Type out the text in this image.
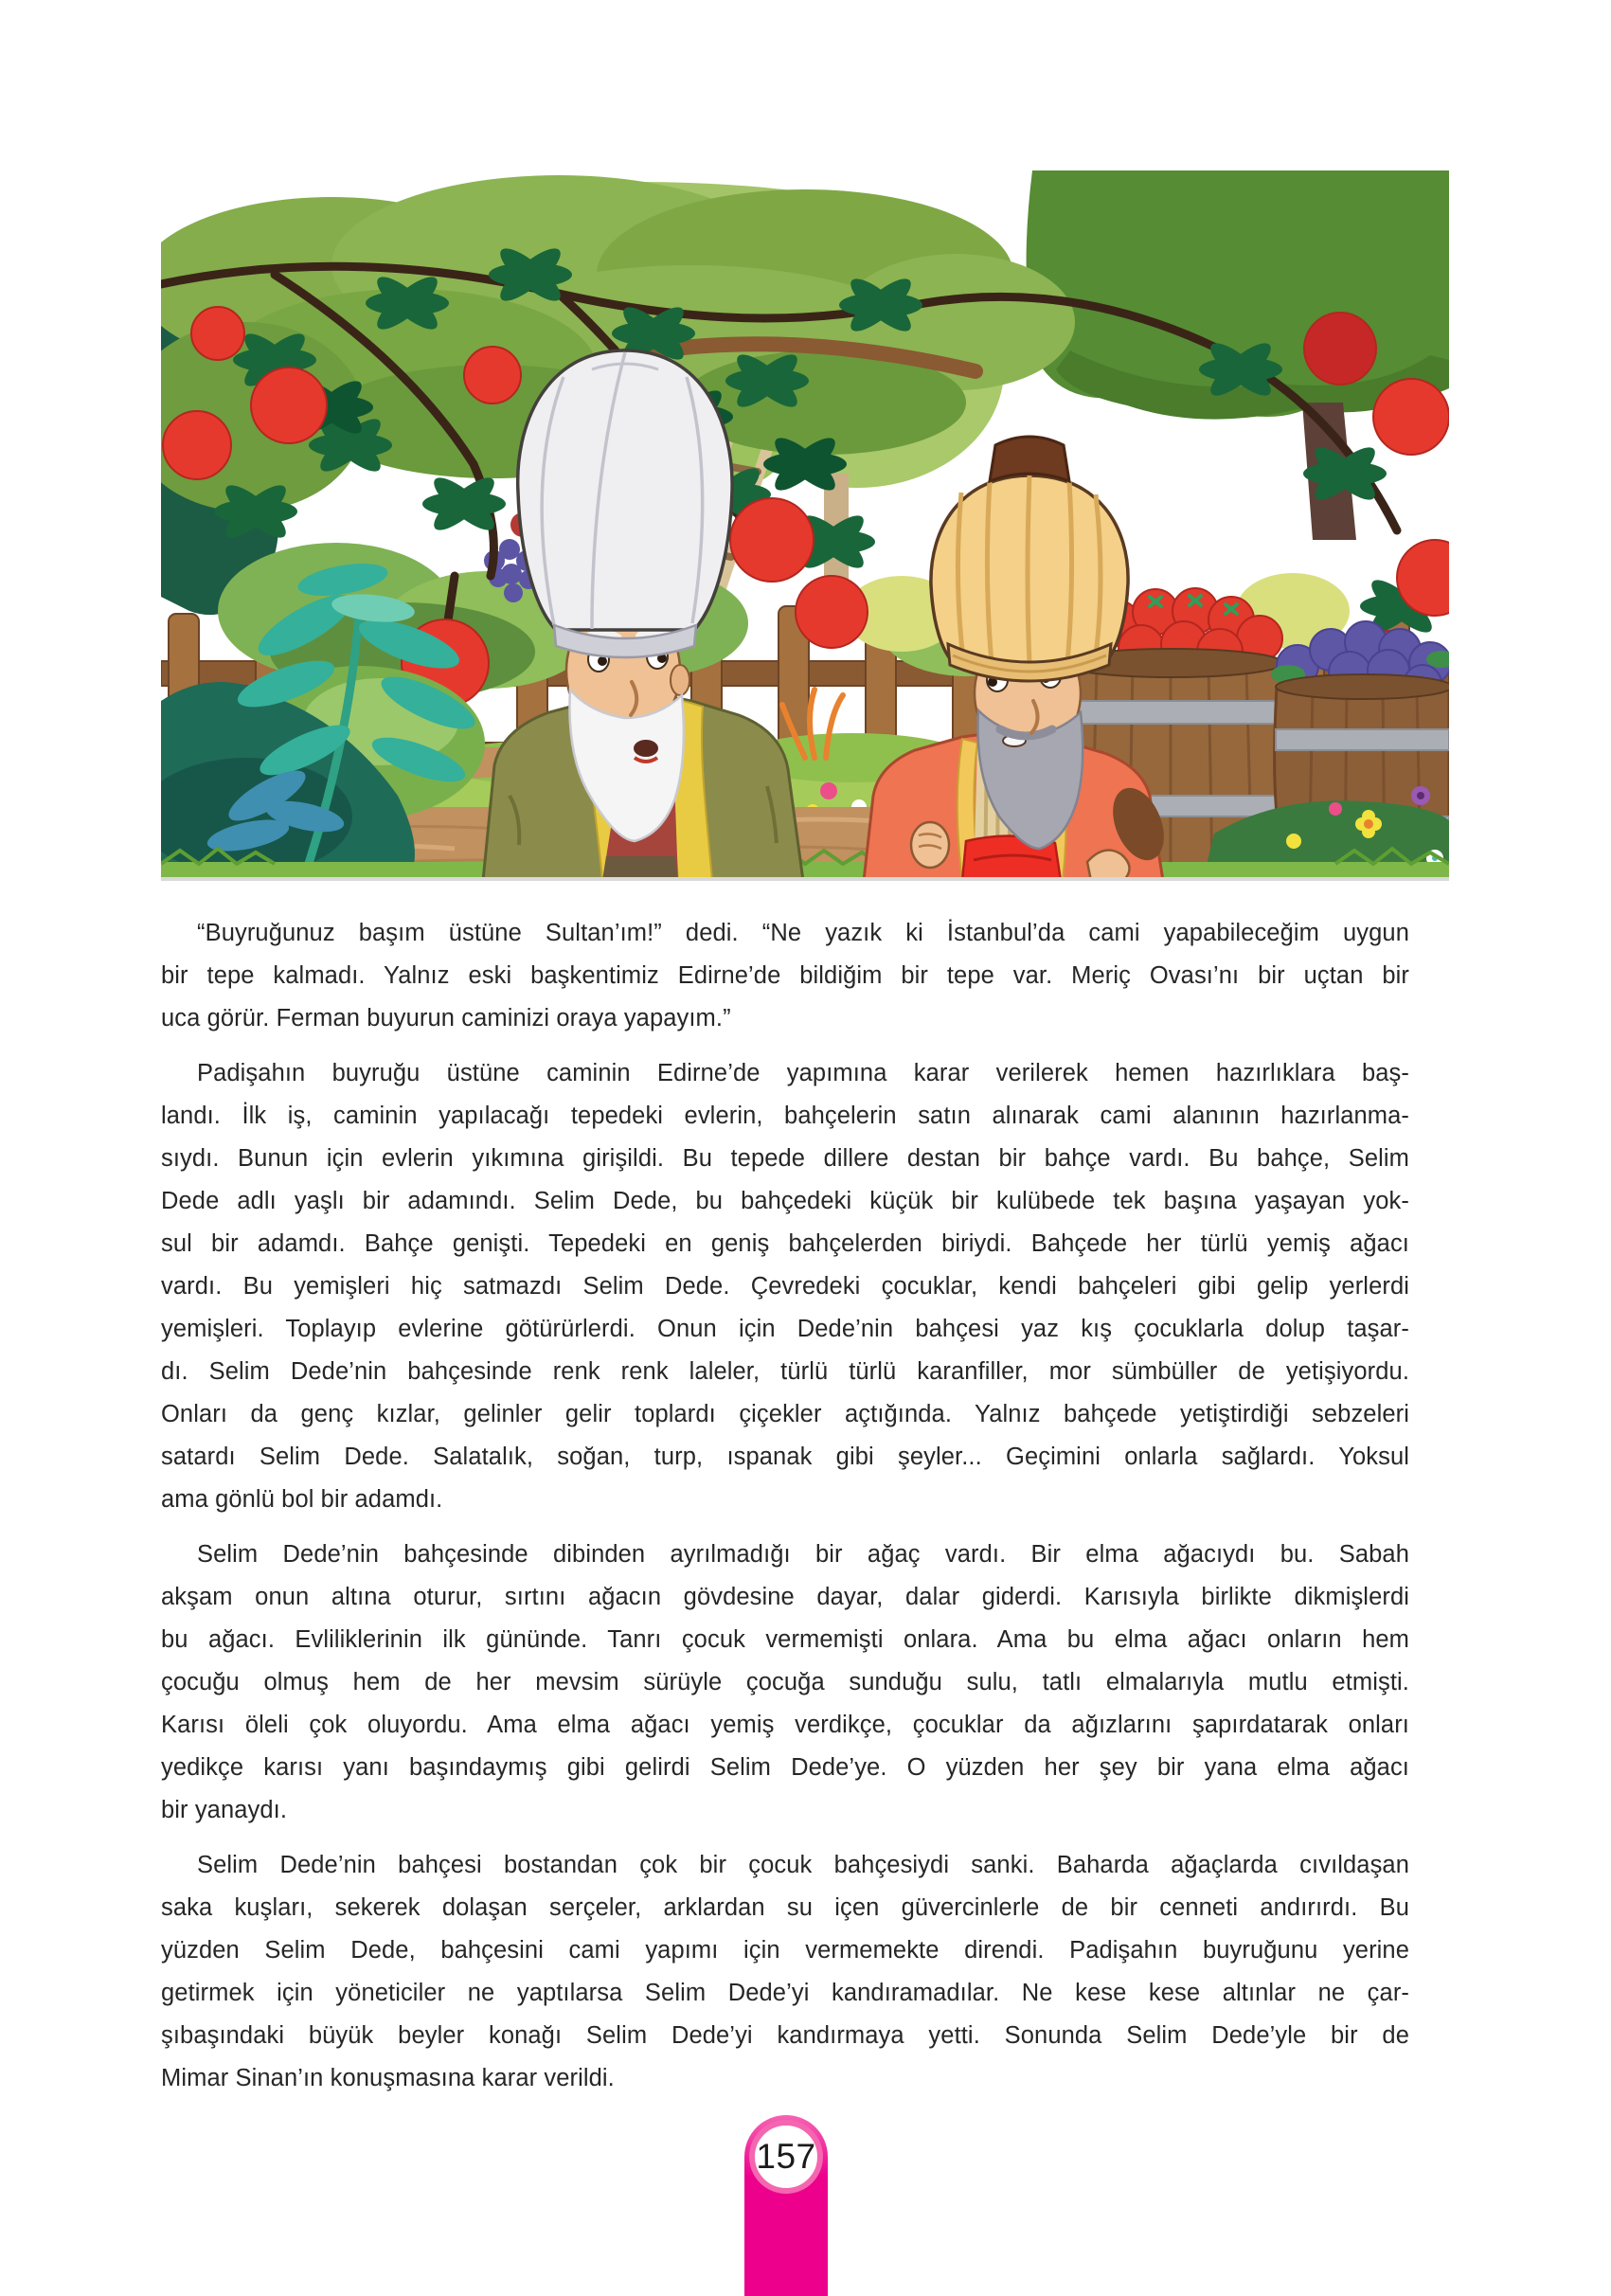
“Buyruğunuz başım üstüne Sultan’ım!” dedi. “Ne yazık ki İstanbul’da cami yapabileceğim uygun
bir tepe kalmadı. Yalnız eski başkentimiz Edirne’de bildiğim bir tepe var. Meriç Ovası’nı bir uçtan bir
uca görür. Ferman buyurun caminizi oraya yapayım.”
Padişahın buyruğu üstüne caminin Edirne’de yapımına karar verilerek hemen hazırlıklara baş-
landı. İlk iş, caminin yapılacağı tepedeki evlerin, bahçelerin satın alınarak cami alanının hazırlanma-
sıydı. Bunun için evlerin yıkımına girişildi. Bu tepede dillere destan bir bahçe vardı. Bu bahçe, Selim
Dede adlı yaşlı bir adamındı. Selim Dede, bu bahçedeki küçük bir kulübede tek başına yaşayan yok-
sul bir adamdı. Bahçe genişti. Tepedeki en geniş bahçelerden biriydi. Bahçede her türlü yemiş ağacı
vardı. Bu yemişleri hiç satmazdı Selim Dede. Çevredeki çocuklar, kendi bahçeleri gibi gelip yerlerdi
yemişleri. Toplayıp evlerine götürürlerdi. Onun için Dede’nin bahçesi yaz kış çocuklarla dolup taşar-
dı. Selim Dede’nin bahçesinde renk renk laleler, türlü türlü karanfiller, mor sümbüller de yetişiyordu.
Onları da genç kızlar, gelinler gelir toplardı çiçekler açtığında. Yalnız bahçede yetiştirdiği sebzeleri
satardı Selim Dede. Salatalık, soğan, turp, ıspanak gibi şeyler... Geçimini onlarla sağlardı. Yoksul
ama gönlü bol bir adamdı.
Selim Dede’nin bahçesinde dibinden ayrılmadığı bir ağaç vardı. Bir elma ağacıydı bu. Sabah
akşam onun altına oturur, sırtını ağacın gövdesine dayar, dalar giderdi. Karısıyla birlikte dikmişlerdi
bu ağacı. Evliliklerinin ilk gününde. Tanrı çocuk vermemişti onlara. Ama bu elma ağacı onların hem
çocuğu olmuş hem de her mevsim sürüyle çocuğa sunduğu sulu, tatlı elmalarıyla mutlu etmişti.
Karısı öleli çok oluyordu. Ama elma ağacı yemiş verdikçe, çocuklar da ağızlarını şapırdatarak onları
yedikçe karısı yanı başındaymış gibi gelirdi Selim Dede’ye. O yüzden her şey bir yana elma ağacı
bir yanaydı.
Selim Dede’nin bahçesi bostandan çok bir çocuk bahçesiydi sanki. Baharda ağaçlarda cıvıldaşan
saka kuşları, sekerek dolaşan serçeler, arklardan su içen güvercinlerle de bir cenneti andırırdı. Bu
yüzden Selim Dede, bahçesini cami yapımı için vermemekte direndi. Padişahın buyruğunu yerine
getirmek için yöneticiler ne yaptılarsa Selim Dede’yi kandıramadılar. Ne kese kese altınlar ne çar-
şıbaşındaki büyük beyler konağı Selim Dede’yi kandırmaya yetti. Sonunda Selim Dede’yle bir de
Mimar Sinan’ın konuşmasına karar verildi.
157
